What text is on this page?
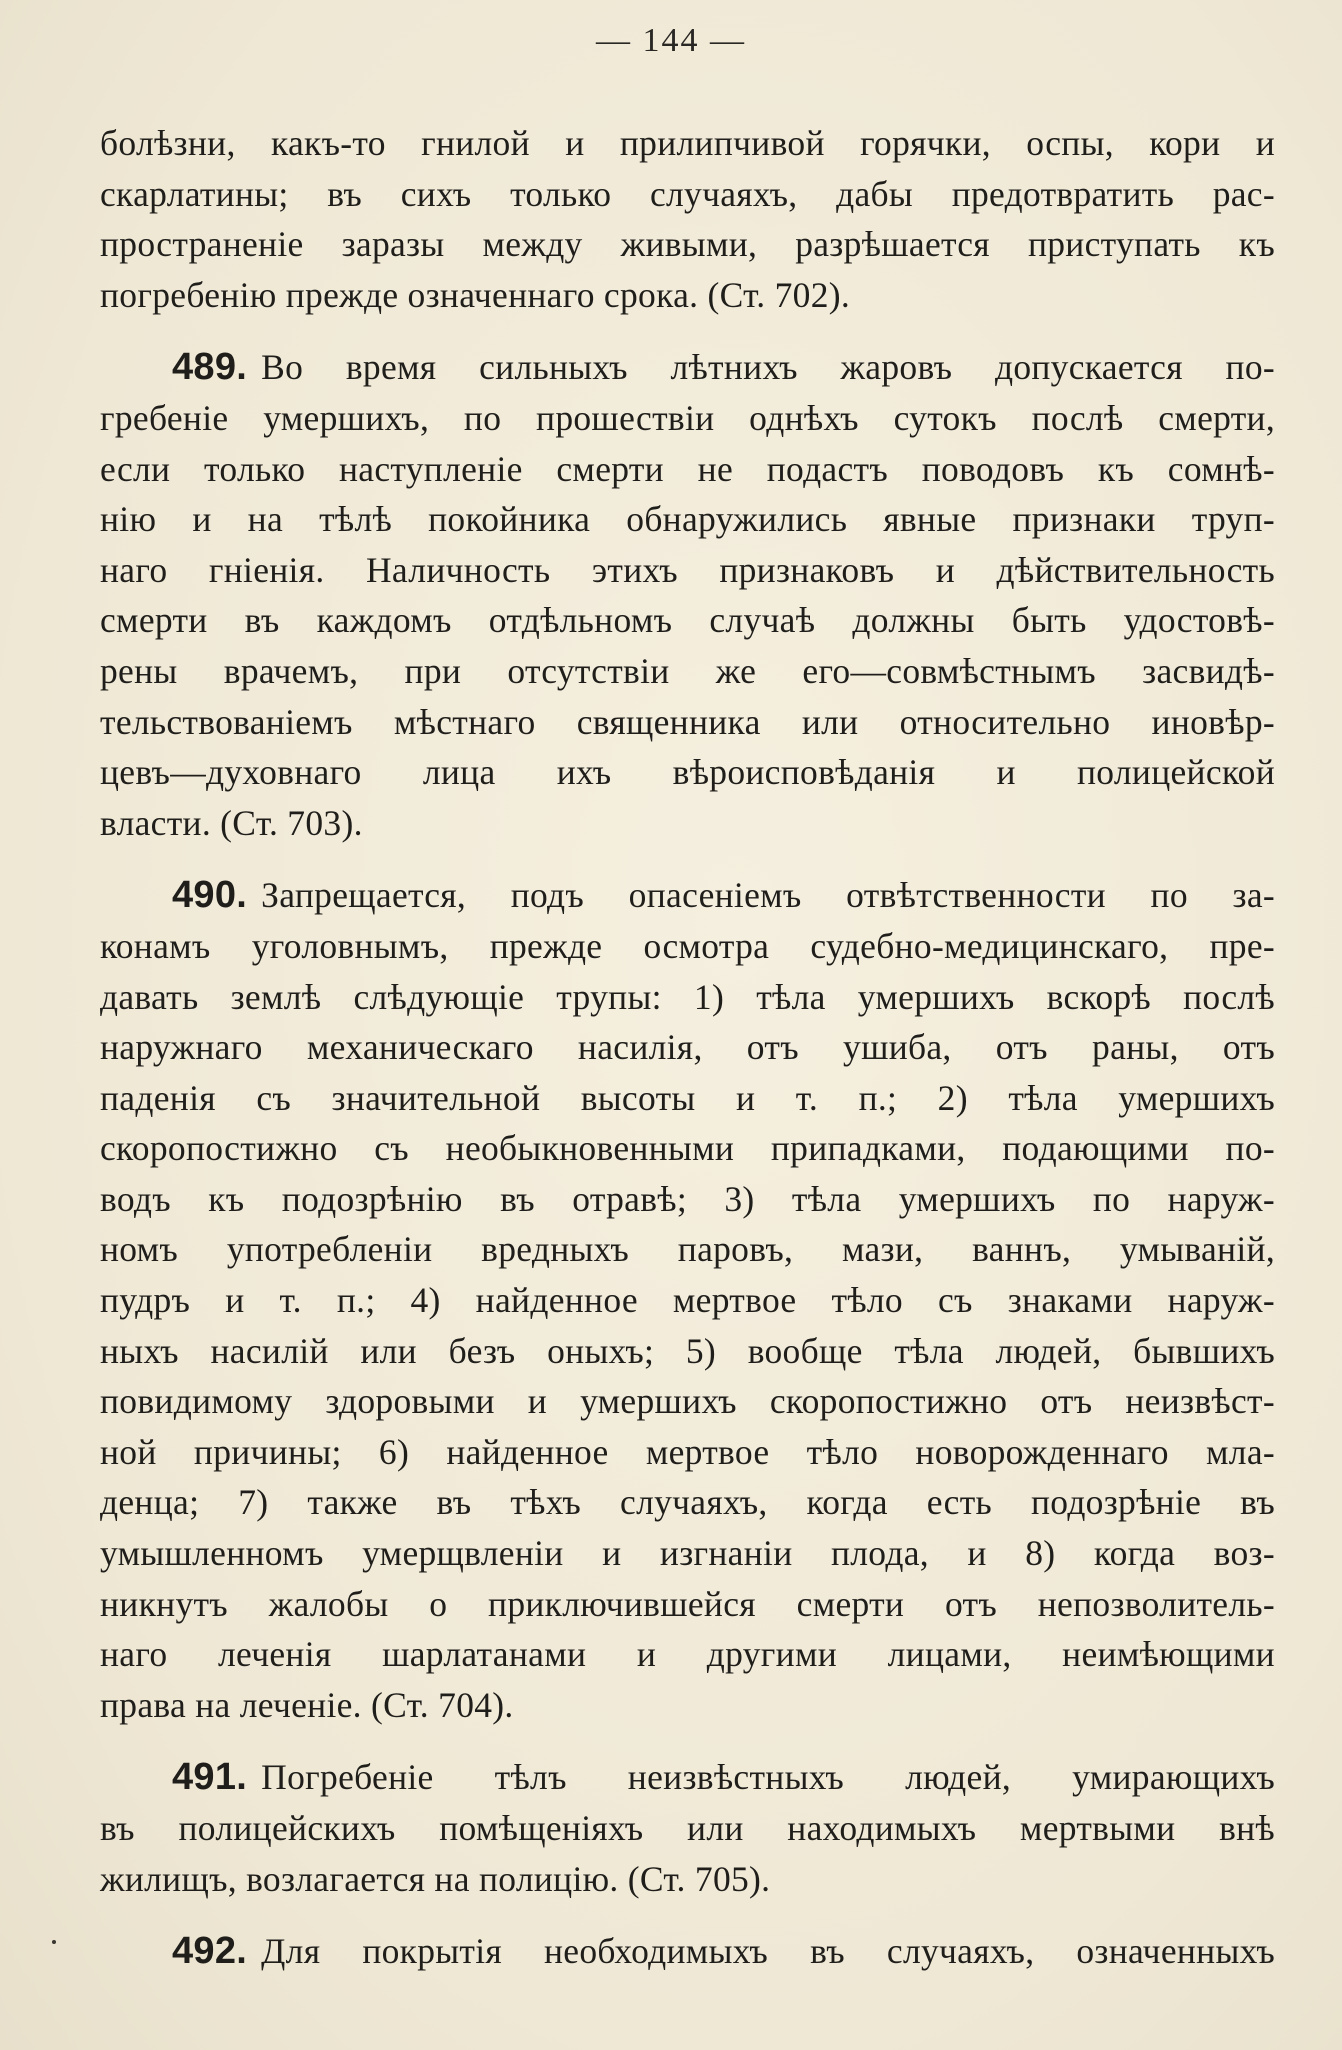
— 144 —
болѣзни, какъ-то гнилой и прилипчивой горячки, оспы, кори и
скарлатины; въ сихъ только случаяхъ, дабы предотвратить рас-
пространеніе заразы между живыми, разрѣшается приступать къ
погребенію прежде означеннаго срока. (Ст. 702).
489. Во время сильныхъ лѣтнихъ жаровъ допускается по-
гребеніе умершихъ, по прошествіи однѣхъ сутокъ послѣ смерти,
если только наступленіе смерти не подастъ поводовъ къ сомнѣ-
нію и на тѣлѣ покойника обнаружились явные признаки труп-
наго гніенія. Наличность этихъ признаковъ и дѣйствительность
смерти въ каждомъ отдѣльномъ случаѣ должны быть удостовѣ-
рены врачемъ, при отсутствіи же его—совмѣстнымъ засвидѣ-
тельствованіемъ мѣстнаго священника или относительно иновѣр-
цевъ—духовнаго лица ихъ вѣроисповѣданія и полицейской
власти. (Ст. 703).
490. Запрещается, подъ опасеніемъ отвѣтственности по за-
конамъ уголовнымъ, прежде осмотра судебно-медицинскаго, пре-
давать землѣ слѣдующіе трупы: 1) тѣла умершихъ вскорѣ послѣ
наружнаго механическаго насилія, отъ ушиба, отъ раны, отъ
паденія съ значительной высоты и т. п.; 2) тѣла умершихъ
скоропостижно съ необыкновенными припадками, подающими по-
водъ къ подозрѣнію въ отравѣ; 3) тѣла умершихъ по наруж-
номъ употребленіи вредныхъ паровъ, мази, ваннъ, умываній,
пудръ и т. п.; 4) найденное мертвое тѣло съ знаками наруж-
ныхъ насилій или безъ оныхъ; 5) вообще тѣла людей, бывшихъ
повидимому здоровыми и умершихъ скоропостижно отъ неизвѣст-
ной причины; 6) найденное мертвое тѣло новорожденнаго мла-
денца; 7) также въ тѣхъ случаяхъ, когда есть подозрѣніе въ
умышленномъ умерщвленіи и изгнаніи плода, и 8) когда воз-
никнутъ жалобы о приключившейся смерти отъ непозволитель-
наго леченія шарлатанами и другими лицами, неимѣющими
права на леченіе. (Ст. 704).
491. Погребеніе тѣлъ неизвѣстныхъ людей, умирающихъ
въ полицейскихъ помѣщеніяхъ или находимыхъ мертвыми внѣ
жилищъ, возлагается на полицію. (Ст. 705).
492. Для покрытія необходимыхъ въ случаяхъ, означенныхъ
